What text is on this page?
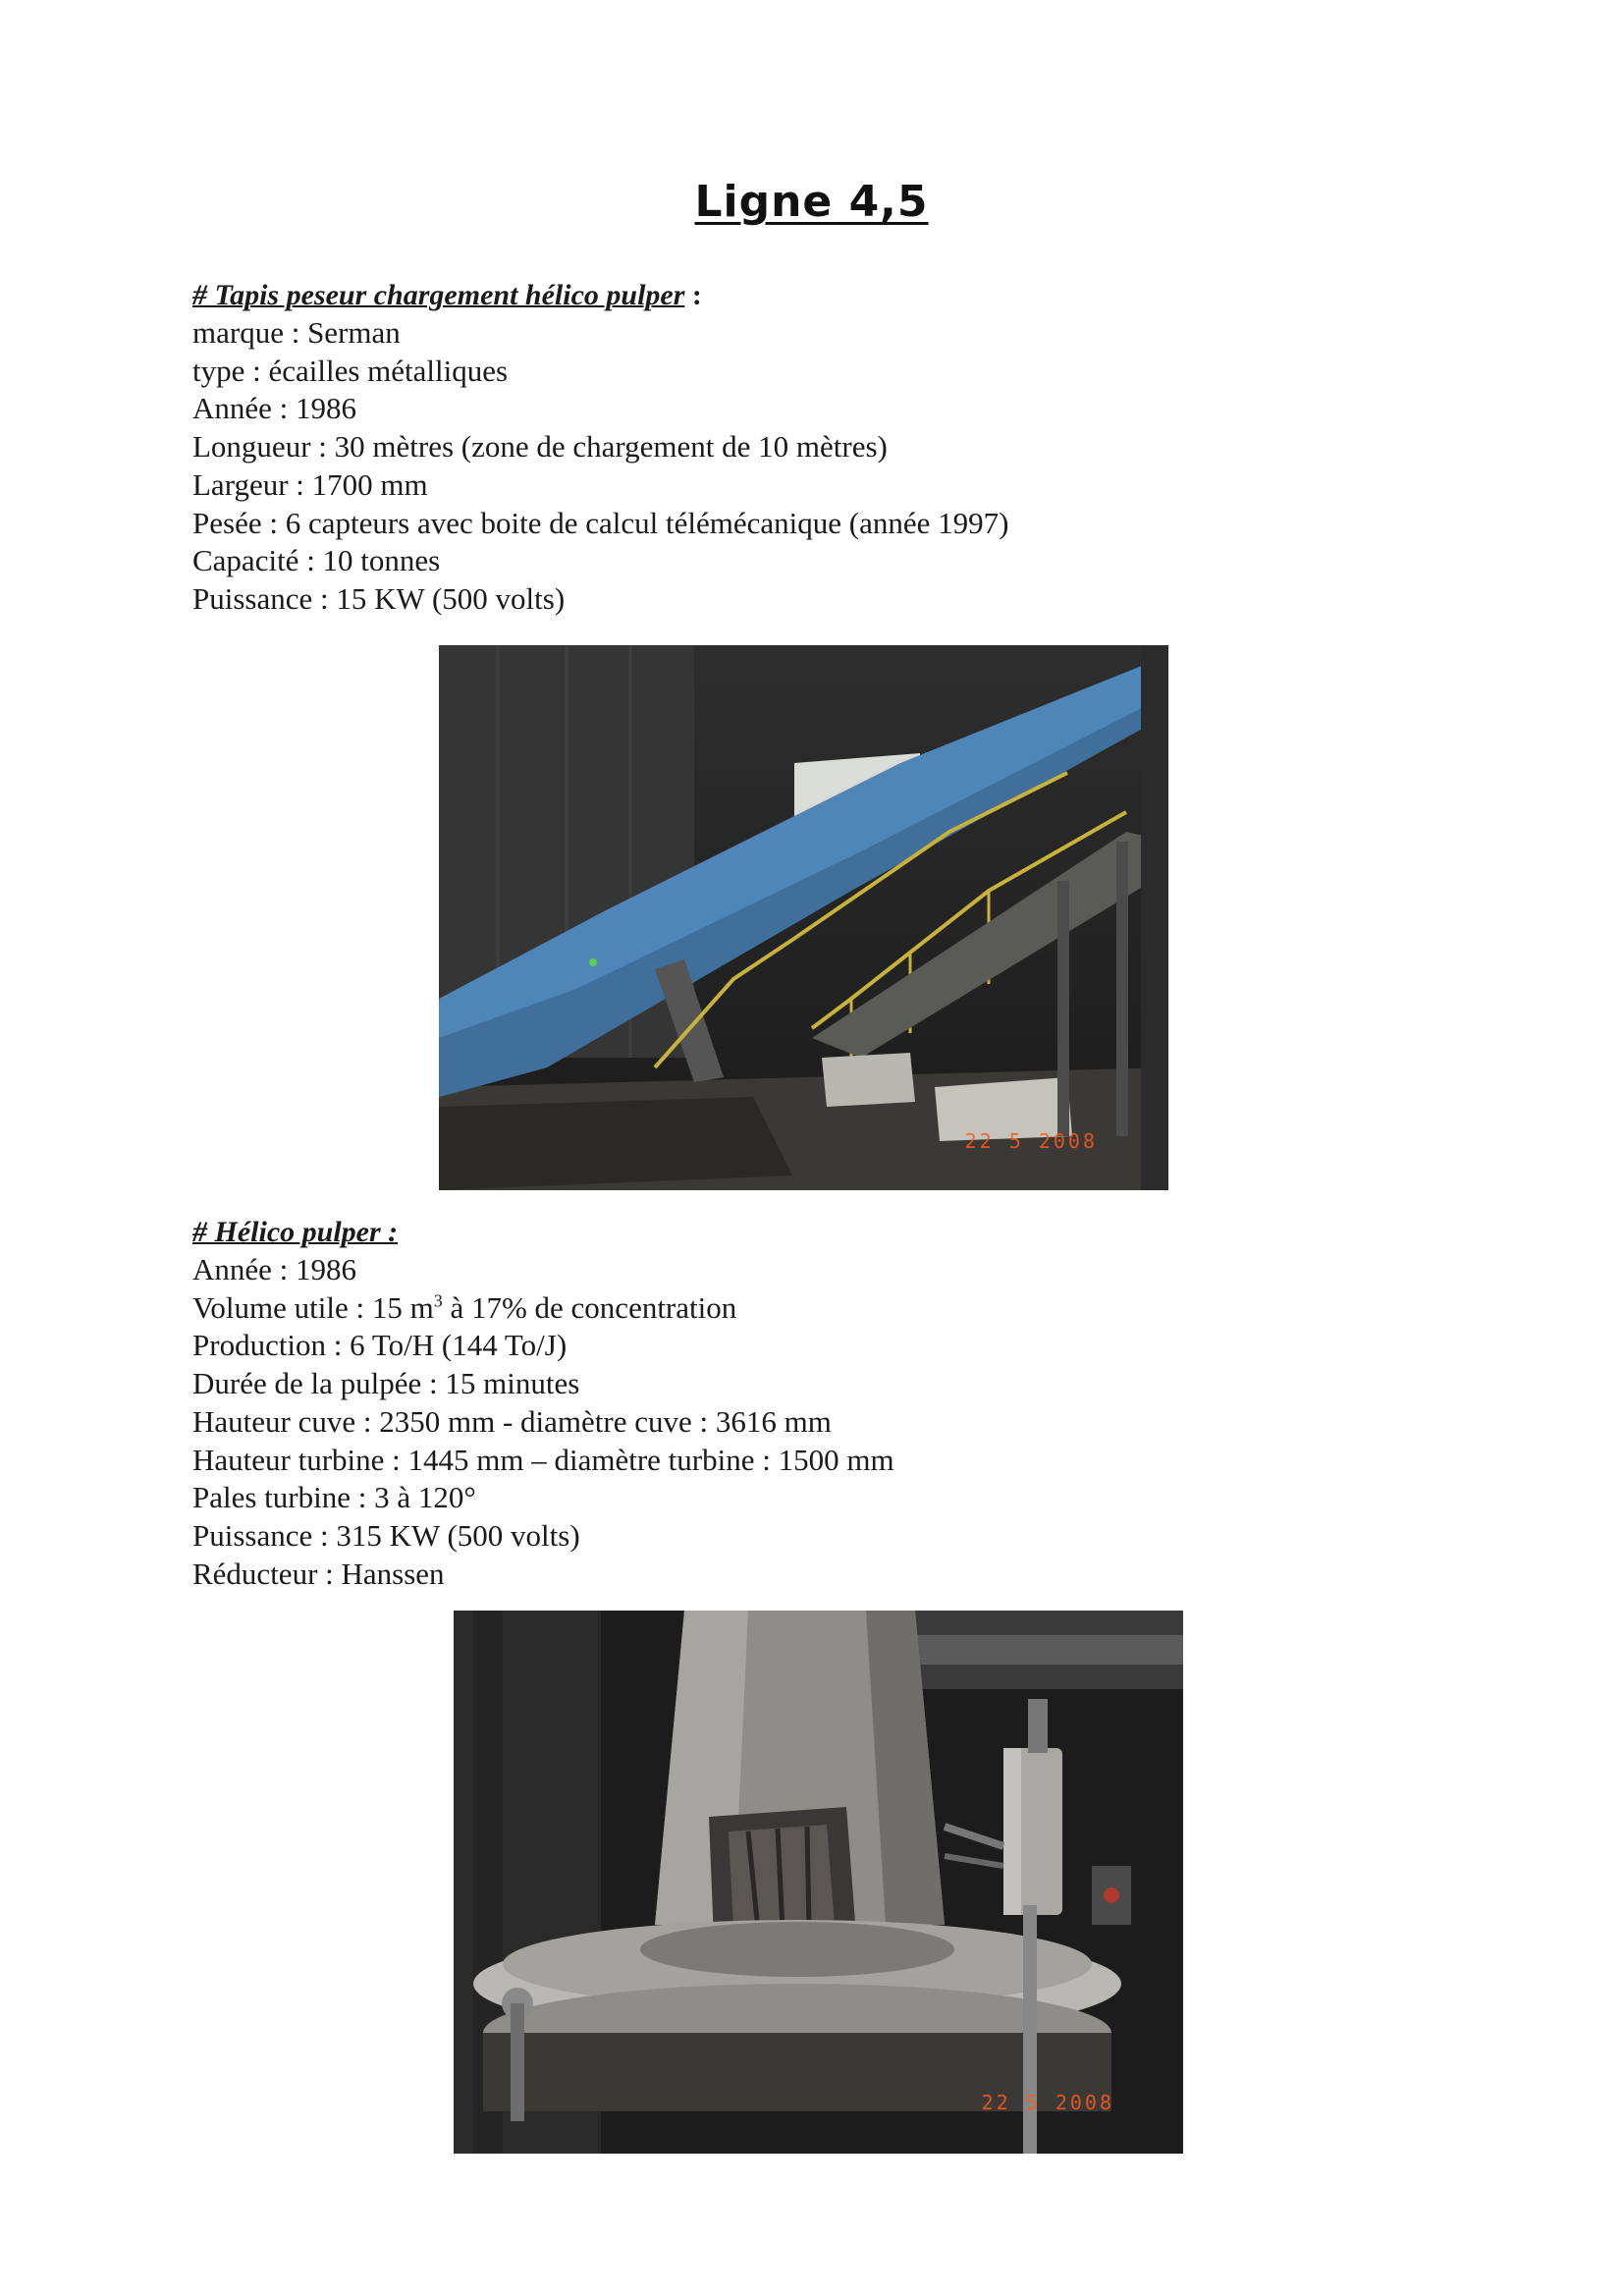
Ligne 4,5
# Tapis peseur chargement hélico pulper :
marque : Serman
type : écailles métalliques
Année : 1986
Longueur : 30 mètres (zone de chargement de 10 mètres)
Largeur : 1700 mm
Pesée : 6 capteurs avec boite de calcul télémécanique (année 1997)
Capacité : 10 tonnes
Puissance : 15 KW (500 volts)
22 5 2008
# Hélico pulper :
Année : 1986
Volume utile : 15 $m^3$ à 17% de concentration
Production : 6 To/H (144 To/J)
Durée de la pulpée : 15 minutes
Hauteur cuve : 2350 mm - diamètre cuve : 3616 mm
Hauteur turbine : 1445 mm – diamètre turbine : 1500 mm
Pales turbine : 3 à 120°
Puissance : 315 KW (500 volts)
Réducteur : Hanssen
22 5 2008
